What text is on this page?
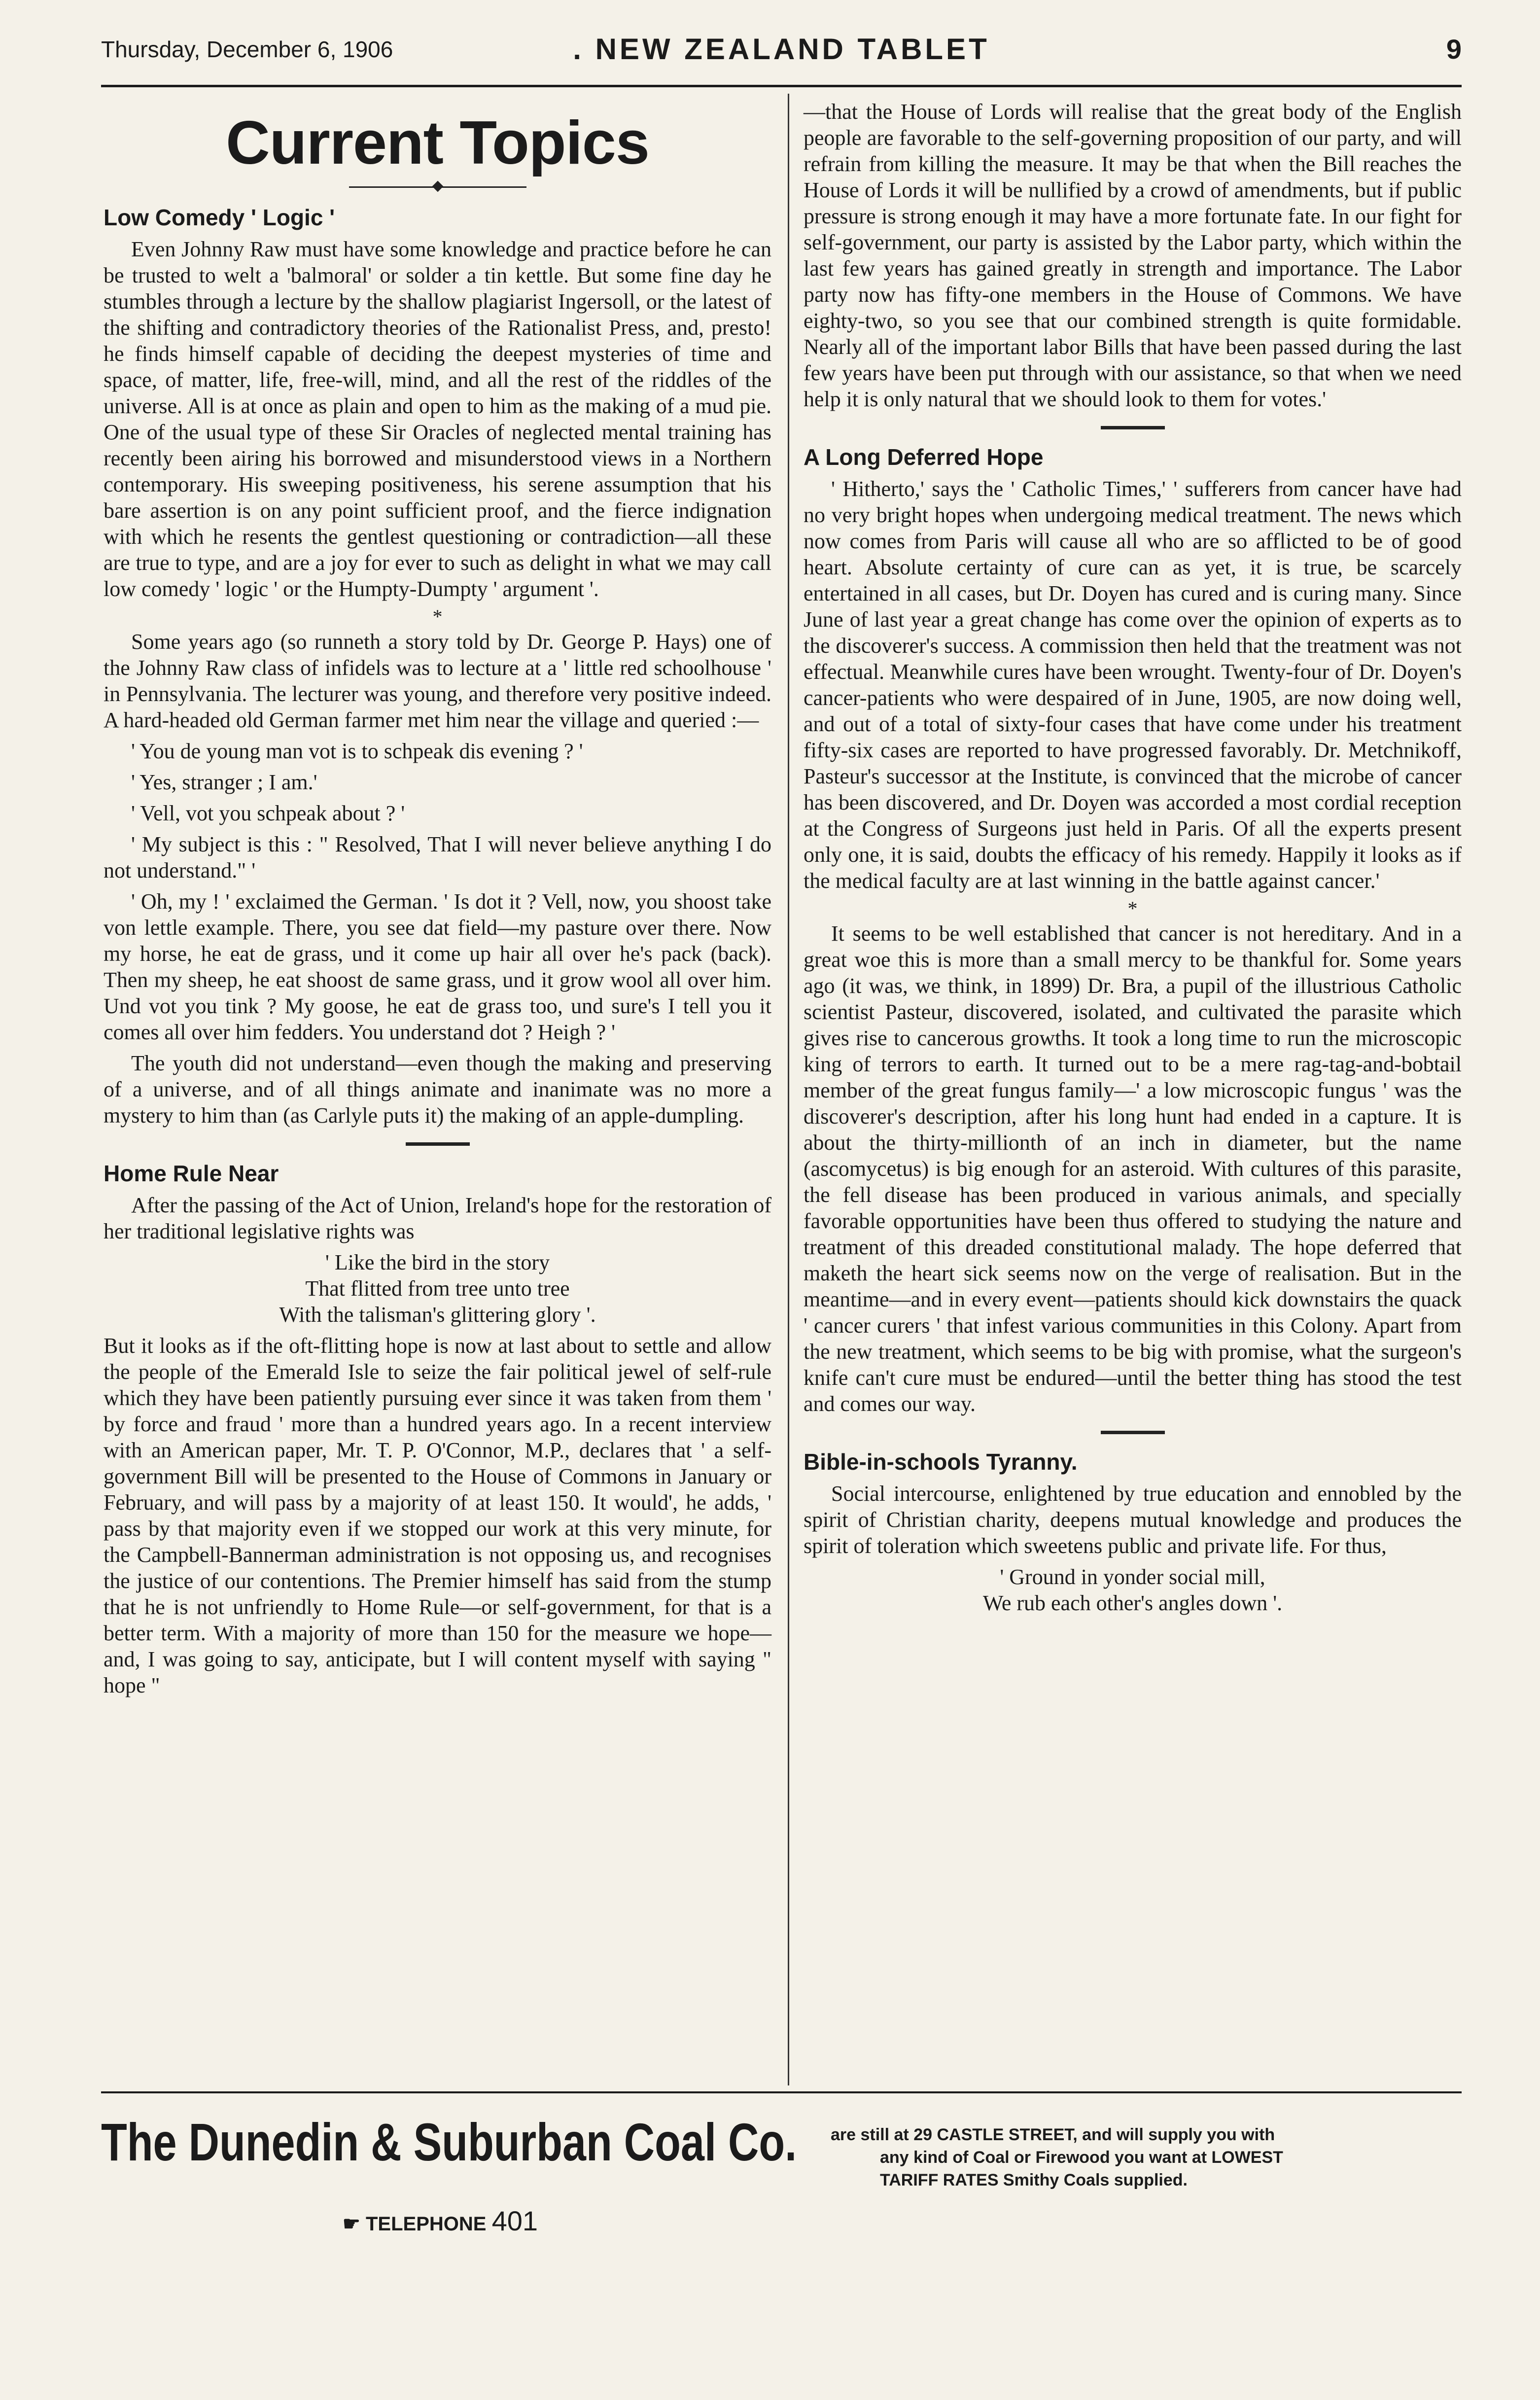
Thursday, December 6, 1906	. NEW ZEALAND TABLET	9
Current Topics
Low Comedy ' Logic '

Even Johnny Raw must have some knowledge and practice before he can be trusted to welt a 'balmoral' or solder a tin kettle. But some fine day he stumbles through a lecture by the shallow plagiarist Ingersoll, or the latest of the shifting and contradictory theories of the Rationalist Press, and, presto! he finds himself capable of deciding the deepest mysteries of time and space, of matter, life, free-will, mind, and all the rest of the riddles of the universe. All is at once as plain and open to him as the making of a mud pie. One of the usual type of these Sir Oracles of neglected mental training has recently been airing his borrowed and misunderstood views in a Northern contemporary. His sweeping positiveness, his serene assumption that his bare assertion is on any point sufficient proof, and the fierce indignation with which he resents the gentlest questioning or contradiction—all these are true to type, and are a joy for ever to such as delight in what we may call low comedy ' logic ' or the Humpty-Dumpty ' argument '.

*

Some years ago (so runneth a story told by Dr. George P. Hays) one of the Johnny Raw class of infidels was to lecture at a ' little red schoolhouse ' in Pennsylvania. The lecturer was young, and therefore very positive indeed. A hard-headed old German farmer met him near the village and queried :—

' You de young man vot is to schpeak dis evening ? '

' Yes, stranger ; I am.'

' Vell, vot you schpeak about ? '

' My subject is this : " Resolved, That I will never believe anything I do not understand." '

' Oh, my ! ' exclaimed the German. ' Is dot it ? Vell, now, you shoost take von lettle example. There, you see dat field—my pasture over there. Now my horse, he eat de grass, und it come up hair all over he's pack (back). Then my sheep, he eat shoost de same grass, und it grow wool all over him. Und vot you tink ? My goose, he eat de grass too, und sure's I tell you it comes all over him fedders. You understand dot ? Heigh ? '

The youth did not understand—even though the making and preserving of a universe, and of all things animate and inanimate was no more a mystery to him than (as Carlyle puts it) the making of an apple-dumpling.

Home Rule Near

After the passing of the Act of Union, Ireland's hope for the restoration of her traditional legislative rights was

' Like the bird in the story
That flitted from tree unto tree
With the talisman's glittering glory '.

But it looks as if the oft-flitting hope is now at last about to settle and allow the people of the Emerald Isle to seize the fair political jewel of self-rule which they have been patiently pursuing ever since it was taken from them ' by force and fraud ' more than a hundred years ago. In a recent interview with an American paper, Mr. T. P. O'Connor, M.P., declares that ' a self-government Bill will be presented to the House of Commons in January or February, and will pass by a majority of at least 150. It would', he adds, ' pass by that majority even if we stopped our work at this very minute, for the Campbell-Bannerman administration is not opposing us, and recognises the justice of our contentions. The Premier himself has said from the stump that he is not unfriendly to Home Rule—or self-government, for that is a better term. With a majority of more than 150 for the measure we hope—and, I was going to say, anticipate, but I will content myself with saying " hope "

—that the House of Lords will realise that the great body of the English people are favorable to the self-governing proposition of our party, and will refrain from killing the measure. It may be that when the Bill reaches the House of Lords it will be nullified by a crowd of amendments, but if public pressure is strong enough it may have a more fortunate fate. In our fight for self-government, our party is assisted by the Labor party, which within the last few years has gained greatly in strength and importance. The Labor party now has fifty-one members in the House of Commons. We have eighty-two, so you see that our combined strength is quite formidable. Nearly all of the important labor Bills that have been passed during the last few years have been put through with our assistance, so that when we need help it is only natural that we should look to them for votes.'

A Long Deferred Hope

' Hitherto,' says the ' Catholic Times,' ' sufferers from cancer have had no very bright hopes when undergoing medical treatment. The news which now comes from Paris will cause all who are so afflicted to be of good heart. Absolute certainty of cure can as yet, it is true, be scarcely entertained in all cases, but Dr. Doyen has cured and is curing many. Since June of last year a great change has come over the opinion of experts as to the discoverer's success. A commission then held that the treatment was not effectual. Meanwhile cures have been wrought. Twenty-four of Dr. Doyen's cancer-patients who were despaired of in June, 1905, are now doing well, and out of a total of sixty-four cases that have come under his treatment fifty-six cases are reported to have progressed favorably. Dr. Metchnikoff, Pasteur's successor at the Institute, is convinced that the microbe of cancer has been discovered, and Dr. Doyen was accorded a most cordial reception at the Congress of Surgeons just held in Paris. Of all the experts present only one, it is said, doubts the efficacy of his remedy. Happily it looks as if the medical faculty are at last winning in the battle against cancer.'

*

It seems to be well established that cancer is not hereditary. And in a great woe this is more than a small mercy to be thankful for. Some years ago (it was, we think, in 1899) Dr. Bra, a pupil of the illustrious Catholic scientist Pasteur, discovered, isolated, and cultivated the parasite which gives rise to cancerous growths. It took a long time to run the microscopic king of terrors to earth. It turned out to be a mere rag-tag-and-bobtail member of the great fungus family—' a low microscopic fungus ' was the discoverer's description, after his long hunt had ended in a capture. It is about the thirty-millionth of an inch in diameter, but the name (ascomycetus) is big enough for an asteroid. With cultures of this parasite, the fell disease has been produced in various animals, and specially favorable opportunities have been thus offered to studying the nature and treatment of this dreaded constitutional malady. The hope deferred that maketh the heart sick seems now on the verge of realisation. But in the meantime—and in every event—patients should kick downstairs the quack ' cancer curers ' that infest various communities in this Colony. Apart from the new treatment, which seems to be big with promise, what the surgeon's knife can't cure must be endured—until the better thing has stood the test and comes our way.

Bible-in-schools Tyranny.

Social intercourse, enlightened by true education and ennobled by the spirit of Christian charity, deepens mutual knowledge and produces the spirit of toleration which sweetens public and private life. For thus,

' Ground in yonder social mill,
We rub each other's angles down '.
The Dunedin & Suburban Coal Co.
☛ TELEPHONE 401
are still at 29 CASTLE STREET, and will supply you with
any kind of Coal or Firewood you want at LOWEST
TARIFF RATES Smithy Coals supplied.
